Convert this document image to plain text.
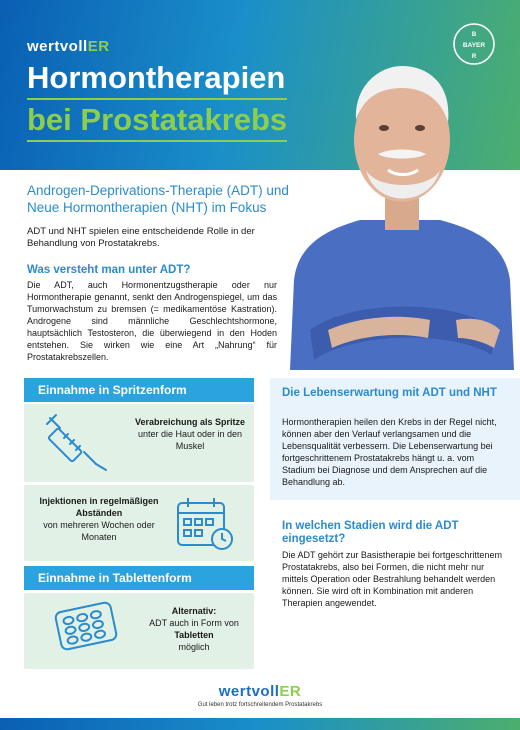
wertvollER
Hormontherapien
bei Prostatakrebs
BAYER
B
R
Androgen-Deprivations-Therapie (ADT) und Neue Hormontherapien (NHT) im Fokus
ADT und NHT spielen eine entscheidende Rolle in der Behandlung von Prostatakrebs.
Was versteht man unter ADT?
Die ADT, auch Hormonentzugstherapie oder nur Hormontherapie genannt, senkt den Androgenspiegel, um das Tumorwachstum zu bremsen (= medikamentöse Kastration). Androgene sind männliche Geschlechtshormone, hauptsächlich Testosteron, die überwiegend in den Hoden entstehen. Sie wirken wie eine Art „Nahrung“ für Prostatakrebszellen.
Einnahme in Spritzenform
Verabreichung als Spritze
unter die Haut oder in den Muskel
Injektionen in regelmäßigen Abständen
von mehreren Wochen oder Monaten
Einnahme in Tablettenform
Alternativ:
ADT auch in Form von Tabletten
möglich
Die Lebenserwartung mit ADT und NHT
Hormontherapien heilen den Krebs in der Regel nicht, können aber den Verlauf verlangsamen und die Lebensqualität verbessern. Die Lebenserwartung bei fortgeschrittenem Prostatakrebs hängt u. a. vom Stadium bei Diagnose und dem Ansprechen auf die Behandlung ab.
In welchen Stadien wird die ADT eingesetzt?
Die ADT gehört zur Basistherapie bei fortgeschrittenem Prostatakrebs, also bei Formen, die nicht mehr nur mittels Operation oder Bestrahlung behandelt werden können. Sie wird oft in Kombination mit anderen Therapien angewendet.
wertvollER
Gut leben trotz fortschreitendem Prostatakrebs
